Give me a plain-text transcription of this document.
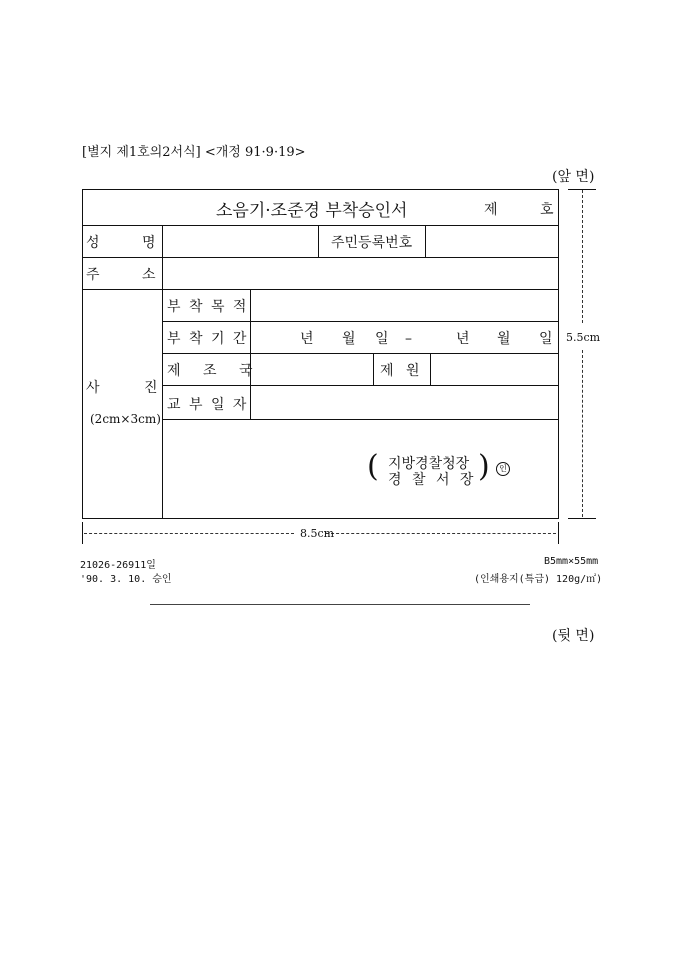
[별지 제1호의2서식] <개정 91·9·19>
(앞 면)
소음기·조준경 부착승인서	제	호
성 명	주민등록번호
주 소
사 진
(2cm×3cm)
부 착 목 적
부 착 기 간	년 월 일 –	년 월 일
제 조 국	제 원
교 부 일 자
( 지방경찰청장
경 찰 서 장 )	인
5.5cm
8.5cm
21026-26911일
'90. 3. 10. 승인
B5mm×55mm
(인쇄용지(특급) 120g/㎡)
(뒷 면)
